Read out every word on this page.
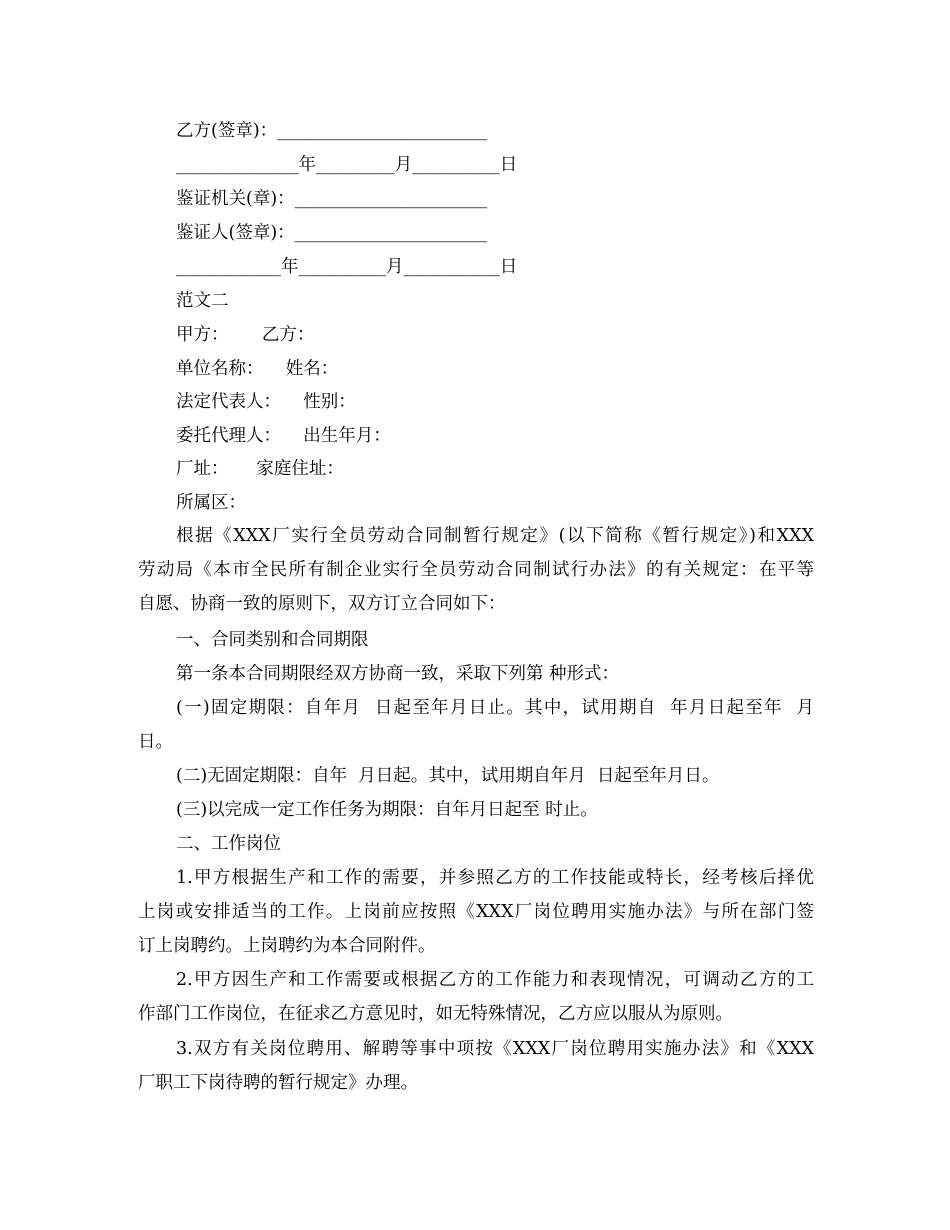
乙方(签章)：________________________
______________年_________月__________日
鉴证机关(章)：______________________
鉴证人(签章)：______________________
____________年__________月___________日
范文二
甲方：      乙方：
单位名称：    姓名：
法定代表人：    性别：
委托代理人：    出生年月：
厂址：     家庭住址：
所属区：
根据《XXX厂实行全员劳动合同制暂行规定》(以下简称《暂行规定》)和XXX
劳动局《本市全民所有制企业实行全员劳动合同制试行办法》的有关规定：在平等
自愿、协商一致的原则下，双方订立合同如下：
一、合同类别和合同期限
第一条本合同期限经双方协商一致，采取下列第 种形式：
(一)固定期限：自年月  日起至年月日止。其中，试用期自  年月日起至年  月
日。
(二)无固定期限：自年  月日起。其中，试用期自年月  日起至年月日。
(三)以完成一定工作任务为期限：自年月日起至 时止。
二、工作岗位
1.甲方根据生产和工作的需要，并参照乙方的工作技能或特长，经考核后择优
上岗或安排适当的工作。上岗前应按照《XXX厂岗位聘用实施办法》与所在部门签
订上岗聘约。上岗聘约为本合同附件。
2.甲方因生产和工作需要或根据乙方的工作能力和表现情况，可调动乙方的工
作部门工作岗位，在征求乙方意见时，如无特殊情况，乙方应以服从为原则。
3.双方有关岗位聘用、解聘等事中项按《XXX厂岗位聘用实施办法》和《XXX
厂职工下岗待聘的暂行规定》办理。
